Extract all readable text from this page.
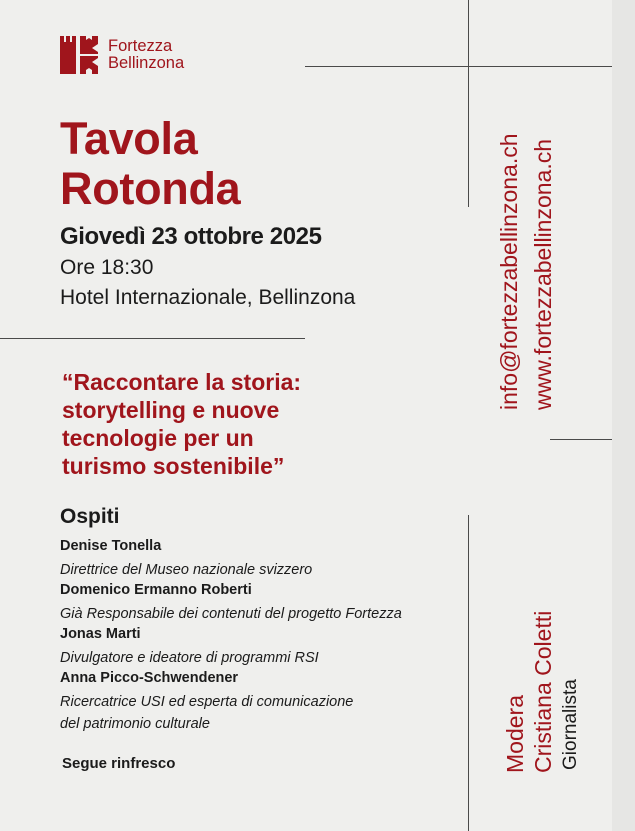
Fortezza
Bellinzona
Tavola
Rotonda
Giovedì 23 ottobre 2025
Ore 18:30
Hotel Internazionale, Bellinzona
“Raccontare la storia:
storytelling e nuove
tecnologie per un
turismo sostenibile”
Ospiti
Denise Tonella
Direttrice del Museo nazionale svizzero
Domenico Ermanno Roberti
Già Responsabile dei contenuti del progetto Fortezza
Jonas Marti
Divulgatore e ideatore di programmi RSI
Anna Picco-Schwendener
Ricercatrice USI ed esperta di comunicazione
del patrimonio culturale
Segue rinfresco
info@fortezzabellinzona.ch www.fortezzabellinzona.ch
Modera Cristiana Coletti Giornalista
